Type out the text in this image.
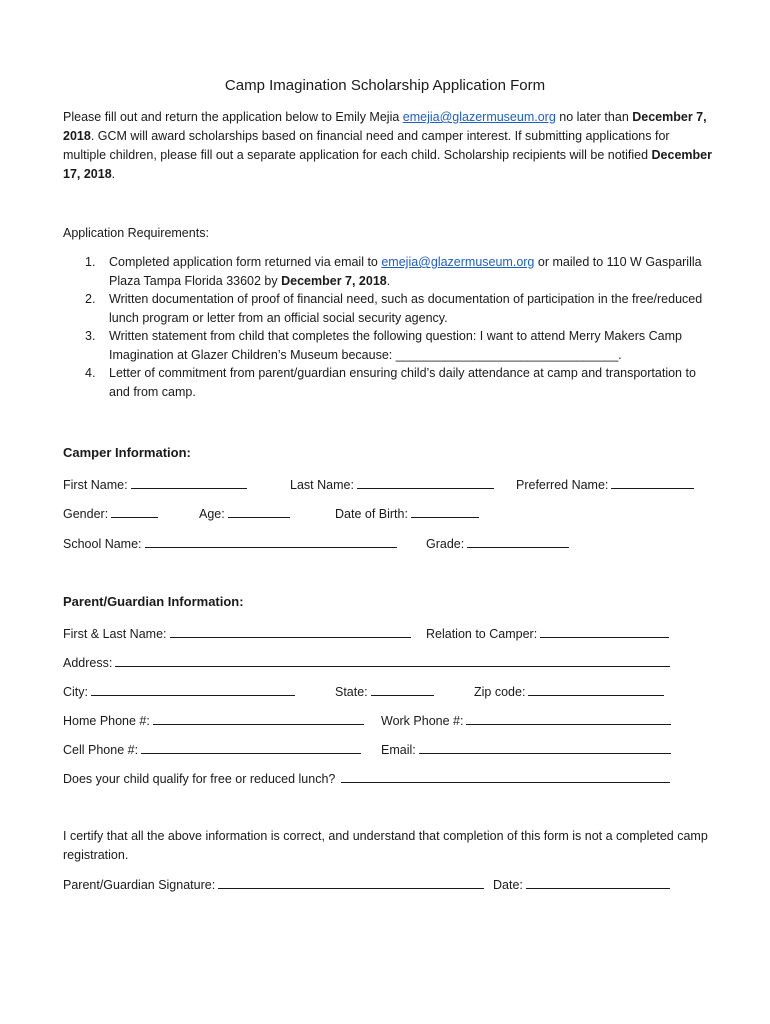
Camp Imagination Scholarship Application Form
Please fill out and return the application below to Emily Mejia emejia@glazermuseum.org no later than December 7, 2018. GCM will award scholarships based on financial need and camper interest. If submitting applications for multiple children, please fill out a separate application for each child. Scholarship recipients will be notified December 17, 2018.
Application Requirements:
1. Completed application form returned via email to emejia@glazermuseum.org or mailed to 110 W Gasparilla Plaza Tampa Florida 33602 by December 7, 2018.
2. Written documentation of proof of financial need, such as documentation of participation in the free/reduced lunch program or letter from an official social security agency.
3. Written statement from child that completes the following question: I want to attend Merry Makers Camp Imagination at Glazer Children’s Museum because: ________________________________.
4. Letter of commitment from parent/guardian ensuring child’s daily attendance at camp and transportation to and from camp.
Camper Information:
First Name:	Last Name:	Preferred Name:
Gender:	Age:	Date of Birth:
School Name:	Grade:
Parent/Guardian Information:
First & Last Name:	Relation to Camper:
Address:
City:	State:	Zip code:
Home Phone #:	Work Phone #:
Cell Phone #:	Email:
Does your child qualify for free or reduced lunch?
I certify that all the above information is correct, and understand that completion of this form is not a completed camp registration.
Parent/Guardian Signature:	Date:
